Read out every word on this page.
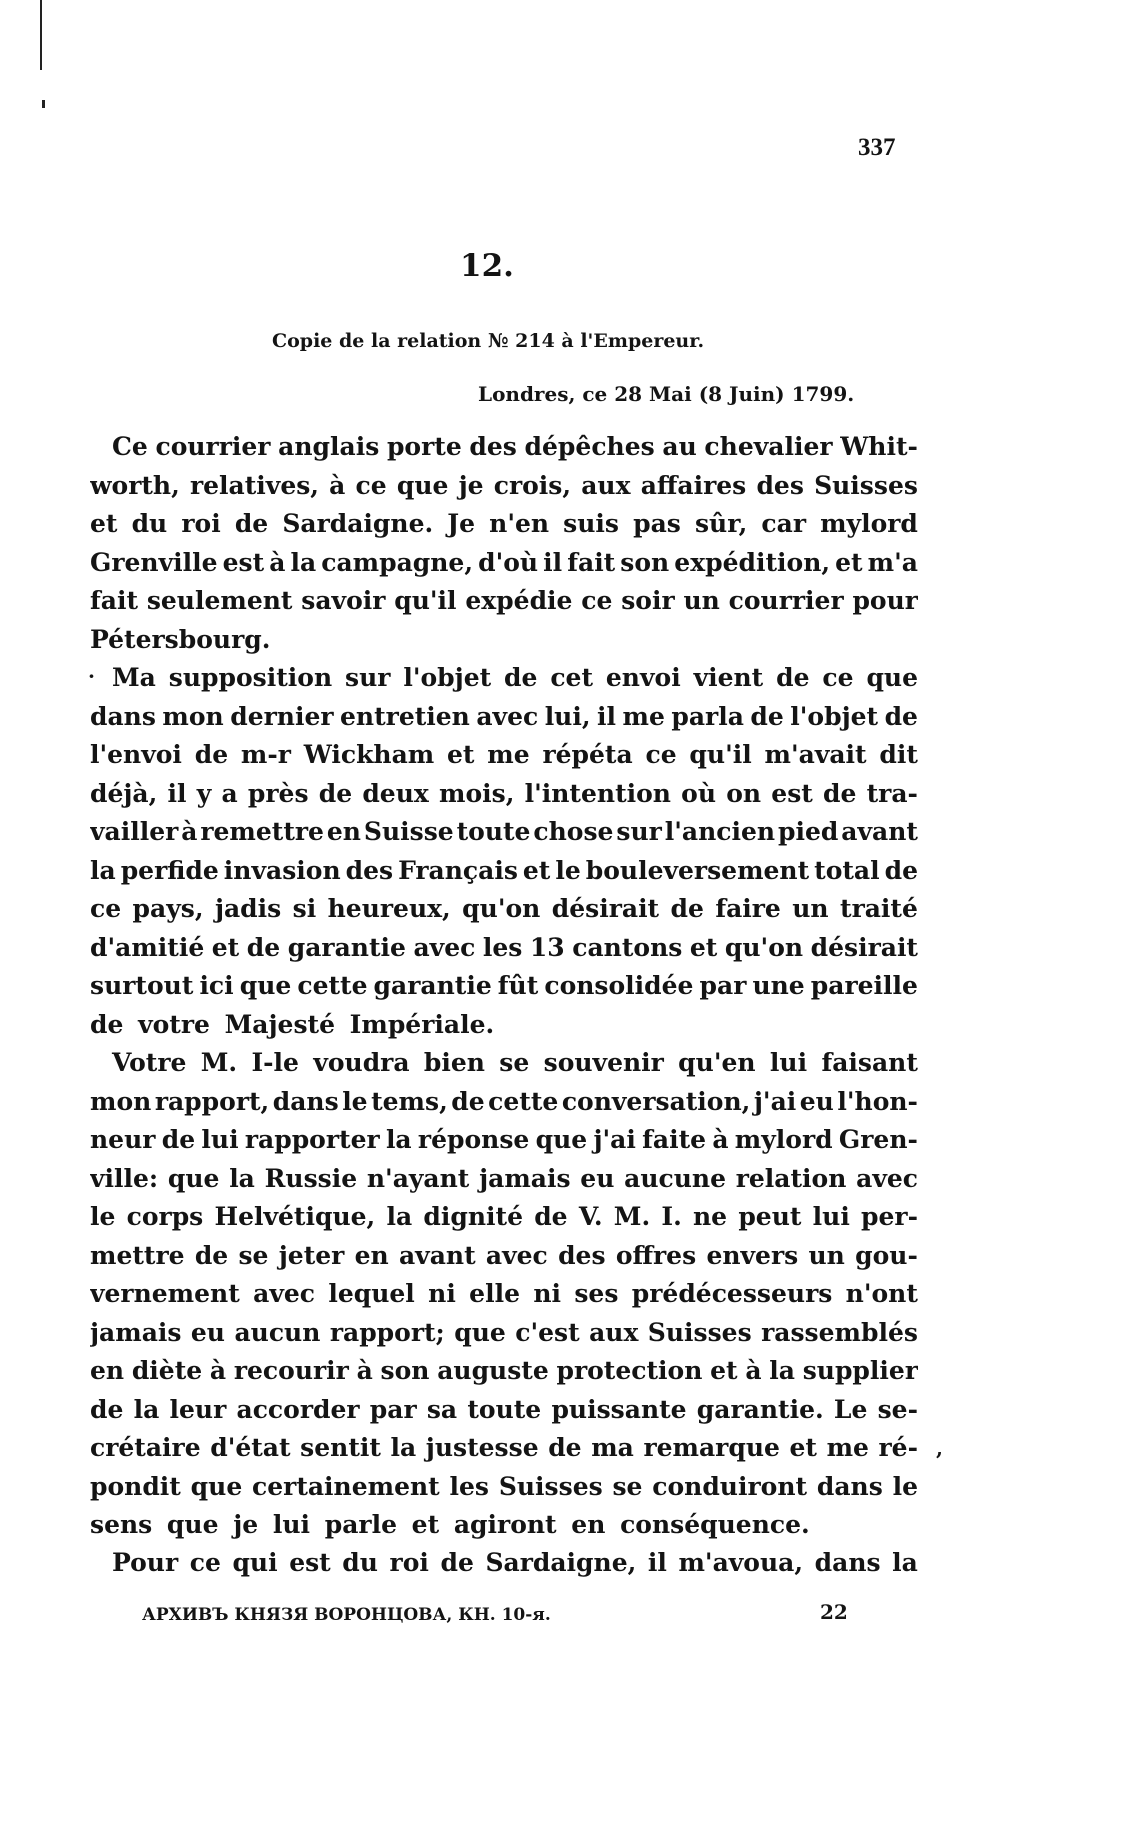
337
12.
Copie de la relation № 214 à l'Empereur.
Londres, ce 28 Mai (8 Juin) 1799.
Ce courrier anglais porte des dépêches au chevalier Whit-
worth, relatives, à ce que je crois, aux affaires des Suisses
et du roi de Sardaigne. Je n'en suis pas sûr, car mylord
Grenville est à la campagne, d'où il fait son expédition, et m'a
fait seulement savoir qu'il expédie ce soir un courrier pour
Pétersbourg.
· Ma supposition sur l'objet de cet envoi vient de ce que
dans mon dernier entretien avec lui, il me parla de l'objet de
l'envoi de m-r Wickham et me répéta ce qu'il m'avait dit
déjà, il y a près de deux mois, l'intention où on est de tra-
vailler à remettre en Suisse toute chose sur l'ancien pied avant
la perfide invasion des Français et le bouleversement total de
ce pays, jadis si heureux, qu'on désirait de faire un traité
d'amitié et de garantie avec les 13 cantons et qu'on désirait
surtout ici que cette garantie fût consolidée par une pareille
de votre Majesté Impériale.
Votre M. I-le voudra bien se souvenir qu'en lui faisant
mon rapport, dans le tems, de cette conversation, j'ai eu l'hon-
neur de lui rapporter la réponse que j'ai faite à mylord Gren-
ville: que la Russie n'ayant jamais eu aucune relation avec
le corps Helvétique, la dignité de V. M. I. ne peut lui per-
mettre de se jeter en avant avec des offres envers un gou-
vernement avec lequel ni elle ni ses prédécesseurs n'ont
jamais eu aucun rapport; que c'est aux Suisses rassemblés
en diète à recourir à son auguste protection et à la supplier
de la leur accorder par sa toute puissante garantie. Le se-
crétaire d'état sentit la justesse de ma remarque et me ré-
pondit que certainement les Suisses se conduiront dans le
sens que je lui parle et agiront en conséquence.
,
Pour ce qui est du roi de Sardaigne, il m'avoua, dans la
АРХИВЪ КНЯЗЯ ВОРОНЦОВА, КН. 10-я.	22
